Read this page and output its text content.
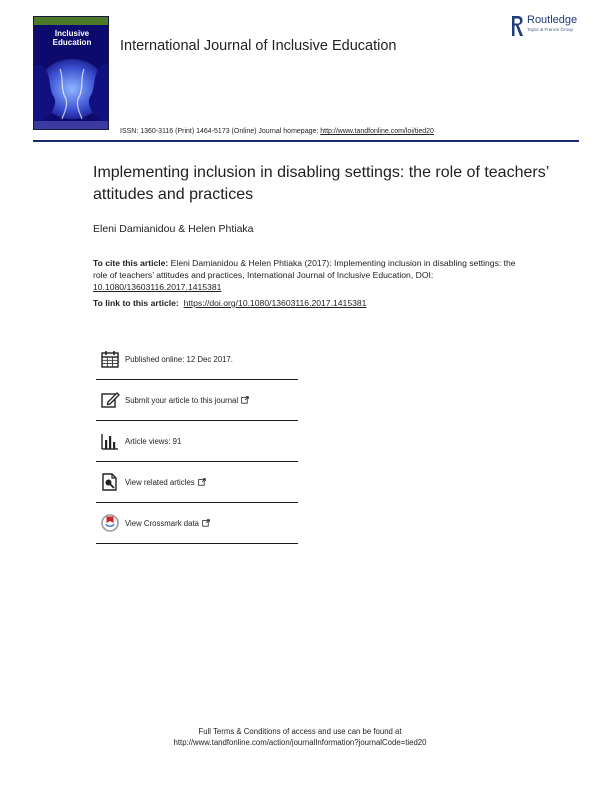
Inclusive
Education	International Journal of Inclusive Education
Routledge
Taylor & Francis Group
ISSN: 1360-3116 (Print) 1464-5173 (Online) Journal homepage: http://www.tandfonline.com/loi/tied20
Implementing inclusion in disabling settings: the role of teachers’ attitudes and practices
Eleni Damianidou & Helen Phtiaka
To cite this article: Eleni Damianidou & Helen Phtiaka (2017): Implementing inclusion in disabling settings: the role of teachers’ attitudes and practices, International Journal of Inclusive Education, DOI: 10.1080/13603116.2017.1415381
To link to this article: https://doi.org/10.1080/13603116.2017.1415381
Published online: 12 Dec 2017.
Submit your article to this journal
Article views: 91
View related articles
View Crossmark data
Full Terms & Conditions of access and use can be found at
http://www.tandfonline.com/action/journalInformation?journalCode=tied20
